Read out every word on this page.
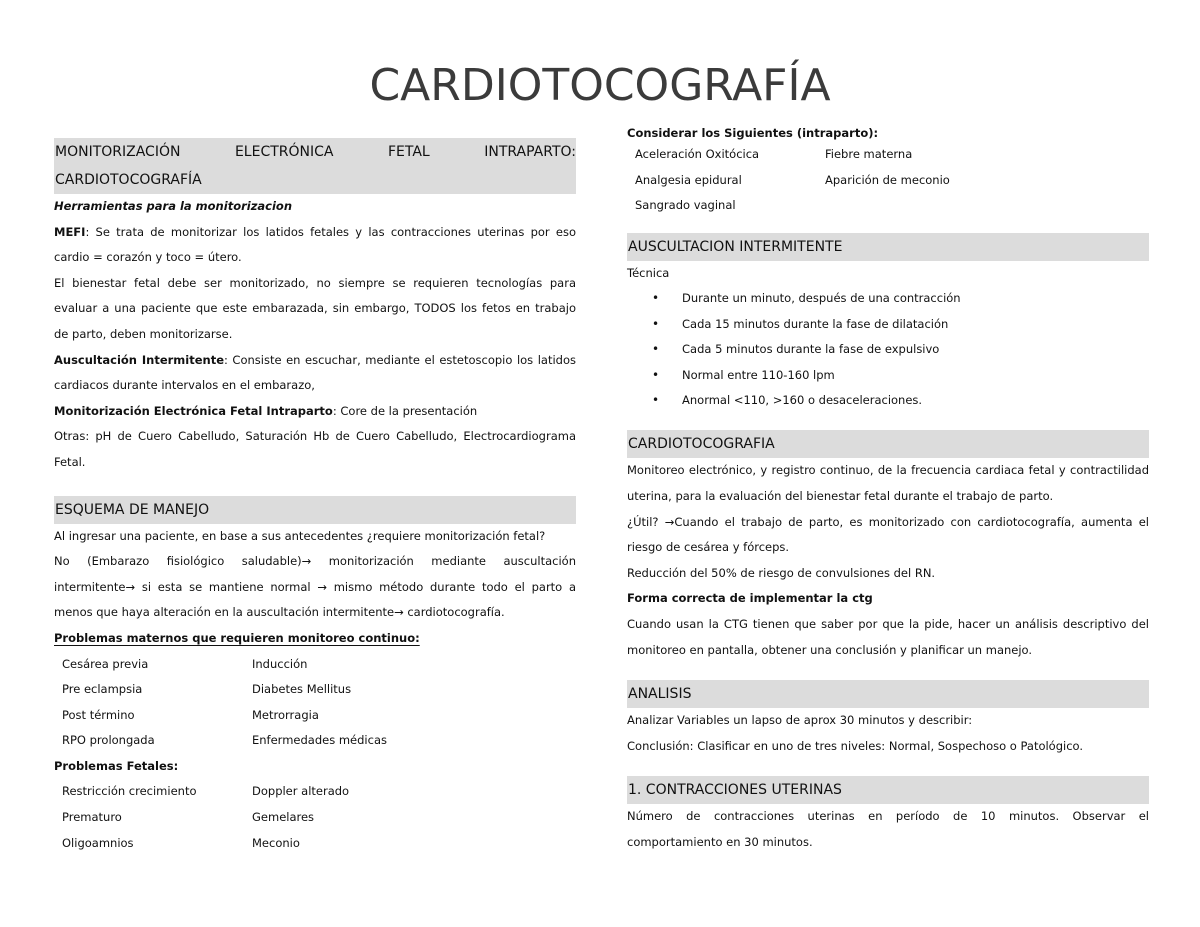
CARDIOTOCOGRAFÍA
MONITORIZACIÓN ELECTRÓNICA FETAL INTRAPARTO:
CARDIOTOCOGRAFÍA
Herramientas para la monitorizacion
MEFI: Se trata de monitorizar los latidos fetales y las contracciones uterinas por eso cardio = corazón y toco = útero.
El bienestar fetal debe ser monitorizado, no siempre se requieren tecnologías para evaluar a una paciente que este embarazada, sin embargo, TODOS los fetos en trabajo de parto, deben monitorizarse.
Auscultación Intermitente: Consiste en escuchar, mediante el estetoscopio los latidos cardiacos durante intervalos en el embarazo,
Monitorización Electrónica Fetal Intraparto: Core de la presentación
Otras: pH de Cuero Cabelludo, Saturación Hb de Cuero Cabelludo, Electrocardiograma Fetal.
ESQUEMA DE MANEJO
Al ingresar una paciente, en base a sus antecedentes ¿requiere monitorización fetal?
No (Embarazo fisiológico saludable)→ monitorización mediante auscultación intermitente→ si esta se mantiene normal → mismo método durante todo el parto a menos que haya alteración en la auscultación intermitente→ cardiotocografía.
Problemas maternos que requieren monitoreo continuo:
Cesárea previa	Inducción
Pre eclampsia	Diabetes Mellitus
Post término	Metrorragia
RPO prolongada	Enfermedades médicas
Problemas Fetales:
Restricción crecimiento	Doppler alterado
Prematuro	Gemelares
Oligoamnios	Meconio
Considerar los Siguientes (intraparto):
Aceleración Oxitócica	Fiebre materna
Analgesia epidural	Aparición de meconio
Sangrado vaginal
AUSCULTACION INTERMITENTE
Técnica
• Durante un minuto, después de una contracción
• Cada 15 minutos durante la fase de dilatación
• Cada 5 minutos durante la fase de expulsivo
• Normal entre 110-160 lpm
• Anormal <110, >160 o desaceleraciones.
CARDIOTOCOGRAFIA
Monitoreo electrónico, y registro continuo, de la frecuencia cardiaca fetal y contractilidad uterina, para la evaluación del bienestar fetal durante el trabajo de parto.
¿Útil? →Cuando el trabajo de parto, es monitorizado con cardiotocografía, aumenta el riesgo de cesárea y fórceps.
Reducción del 50% de riesgo de convulsiones del RN.
Forma correcta de implementar la ctg
Cuando usan la CTG tienen que saber por que la pide, hacer un análisis descriptivo del monitoreo en pantalla, obtener una conclusión y planificar un manejo.
ANALISIS
Analizar Variables un lapso de aprox 30 minutos y describir:
Conclusión: Clasificar en uno de tres niveles: Normal, Sospechoso o Patológico.
1. CONTRACCIONES UTERINAS
Número de contracciones uterinas en período de 10 minutos. Observar el comportamiento en 30 minutos.
